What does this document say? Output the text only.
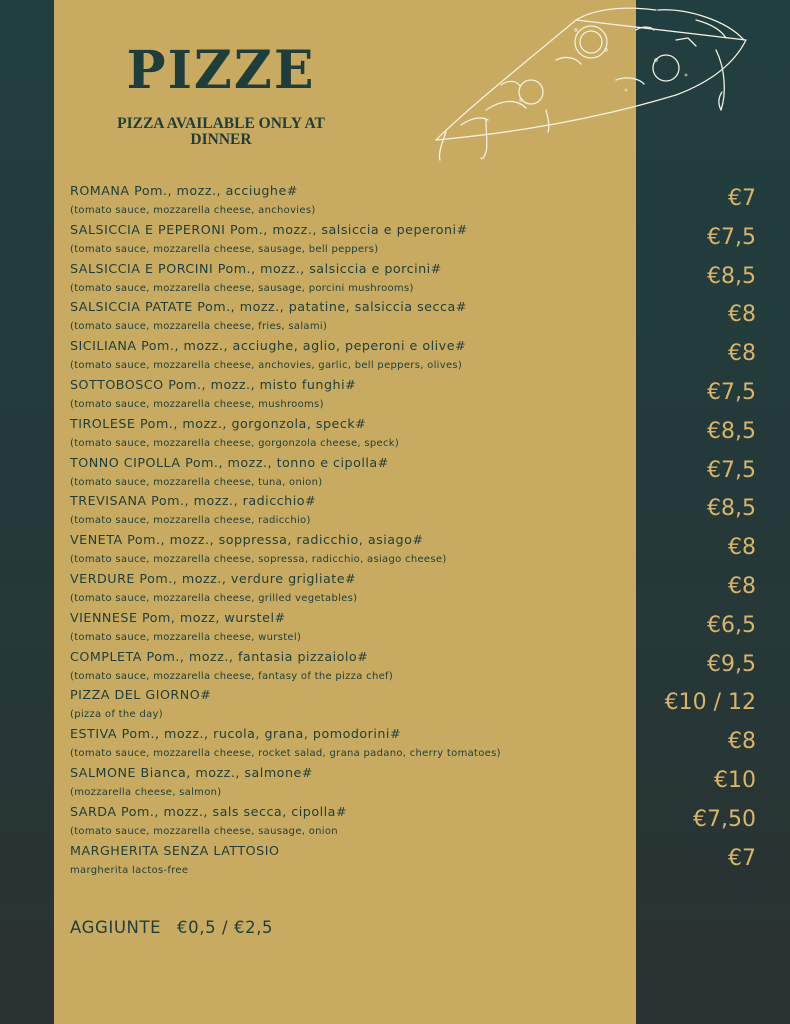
PIZZE
PIZZA AVAILABLE ONLY AT DINNER
ROMANA Pom., mozz., acciughe#
(tomato sauce, mozzarella cheese, anchovies)
SALSICCIA E PEPERONI Pom., mozz., salsiccia e peperoni#
(tomato sauce, mozzarella cheese, sausage, bell peppers)
SALSICCIA E PORCINI Pom., mozz., salsiccia e porcini#
(tomato sauce, mozzarella cheese, sausage, porcini mushrooms)
SALSICCIA PATATE Pom., mozz., patatine, salsiccia secca#
(tomato sauce, mozzarella cheese, fries, salami)
SICILIANA Pom., mozz., acciughe, aglio, peperoni e olive#
(tomato sauce, mozzarella cheese, anchovies, garlic, bell peppers, olives)
SOTTOBOSCO Pom., mozz., misto funghi#
(tomato sauce, mozzarella cheese, mushrooms)
TIROLESE Pom., mozz., gorgonzola, speck#
(tomato sauce, mozzarella cheese, gorgonzola cheese, speck)
TONNO CIPOLLA Pom., mozz., tonno e cipolla#
(tomato sauce, mozzarella cheese, tuna, onion)
TREVISANA Pom., mozz., radicchio#
(tomato sauce, mozzarella cheese, radicchio)
VENETA Pom., mozz., soppressa, radicchio, asiago#
(tomato sauce, mozzarella cheese, sopressa, radicchio, asiago cheese)
VERDURE Pom., mozz., verdure grigliate#
(tomato sauce, mozzarella cheese, grilled vegetables)
VIENNESE Pom, mozz, wurstel#
(tomato sauce, mozzarella cheese, wurstel)
COMPLETA Pom., mozz., fantasia pizzaiolo#
(tomato sauce, mozzarella cheese, fantasy of the pizza chef)
PIZZA DEL GIORNO#
(pizza of the day)
ESTIVA Pom., mozz., rucola, grana, pomodorini#
(tomato sauce, mozzarella cheese, rocket salad, grana padano, cherry tomatoes)
SALMONE Bianca, mozz., salmone#
(mozzarella cheese, salmon)
SARDA Pom., mozz., sals secca, cipolla#
(tomato sauce, mozzarella cheese, sausage, onion
MARGHERITA SENZA LATTOSIO
margherita lactos-free
€7
€7,5
€8,5
€8
€8
€7,5
€8,5
€7,5
€8,5
€8
€8
€6,5
€9,5
€10 / 12
€8
€10
€7,50
€7
AGGIUNTE €0,5 / €2,5
